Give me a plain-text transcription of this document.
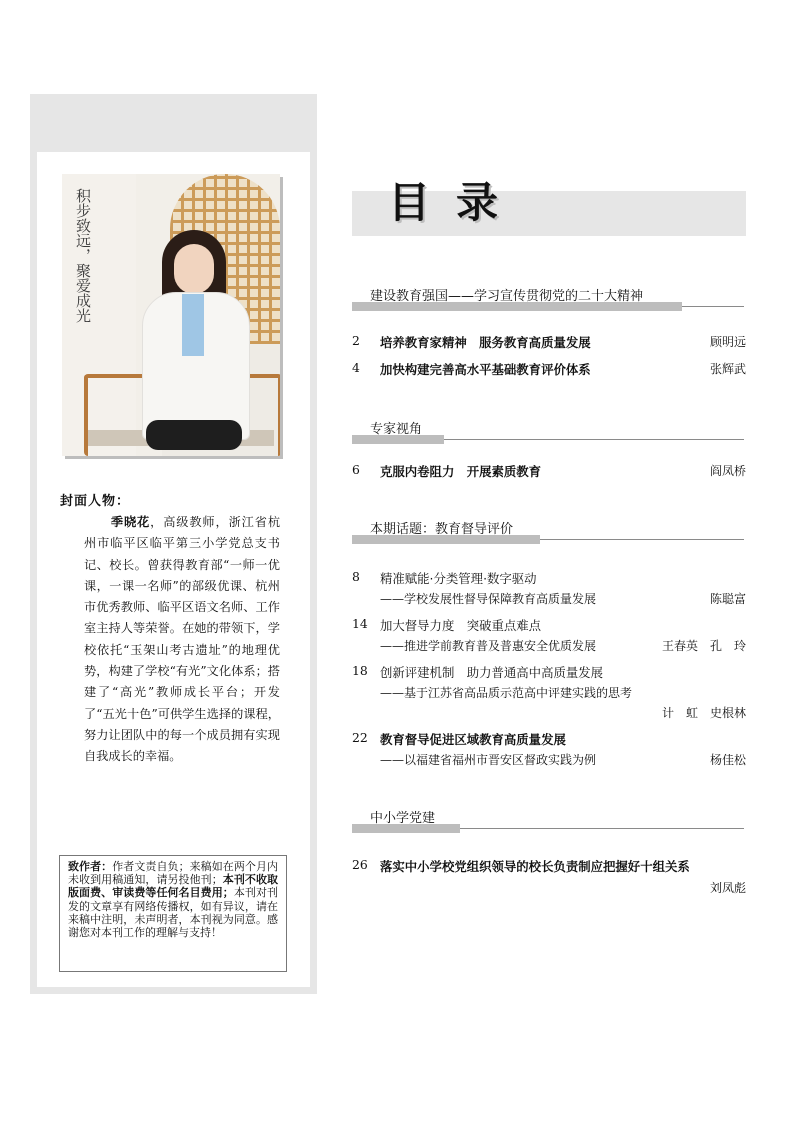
积步致远，聚爱成光
封面人物：
季晓花，高级教师，浙江省杭州市临平区临平第三小学党总支书记、校长。曾获得教育部“一师一优课，一课一名师”的部级优课、杭州市优秀教师、临平区语文名师、工作室主持人等荣誉。在她的带领下，学校依托“玉架山考古遗址”的地理优势，构建了学校“有光”文化体系；搭建了“高光”教师成长平台；开发了“五光十色”可供学生选择的课程，努力让团队中的每一个成员拥有实现自我成长的幸福。
致作者：作者文责自负；来稿如在两个月内未收到用稿通知，请另投他刊；本刊不收取版面费、审读费等任何名目费用；本刊对刊发的文章享有网络传播权，如有异议，请在来稿中注明，未声明者，本刊视为同意。感谢您对本刊工作的理解与支持！
目录
建设教育强国——学习宣传贯彻党的二十大精神
2 培养教育家精神　服务教育高质量发展	顾明远
4 加快构建完善高水平基础教育评价体系	张辉武
专家视角
6 克服内卷阻力　开展素质教育	阎凤桥
本期话题：教育督导评价
8 精准赋能·分类管理·数字驱动
——学校发展性督导保障教育高质量发展	陈聪富
14 加大督导力度　突破重点难点
——推进学前教育普及普惠安全优质发展	王春英　孔　玲
18 创新评建机制　助力普通高中高质量发展
——基于江苏省高品质示范高中评建实践的思考
计　虹　史根林
22 教育督导促进区域教育高质量发展
——以福建省福州市晋安区督政实践为例	杨佳松
中小学党建
26 落实中小学校党组织领导的校长负责制应把握好十组关系
刘凤彪
